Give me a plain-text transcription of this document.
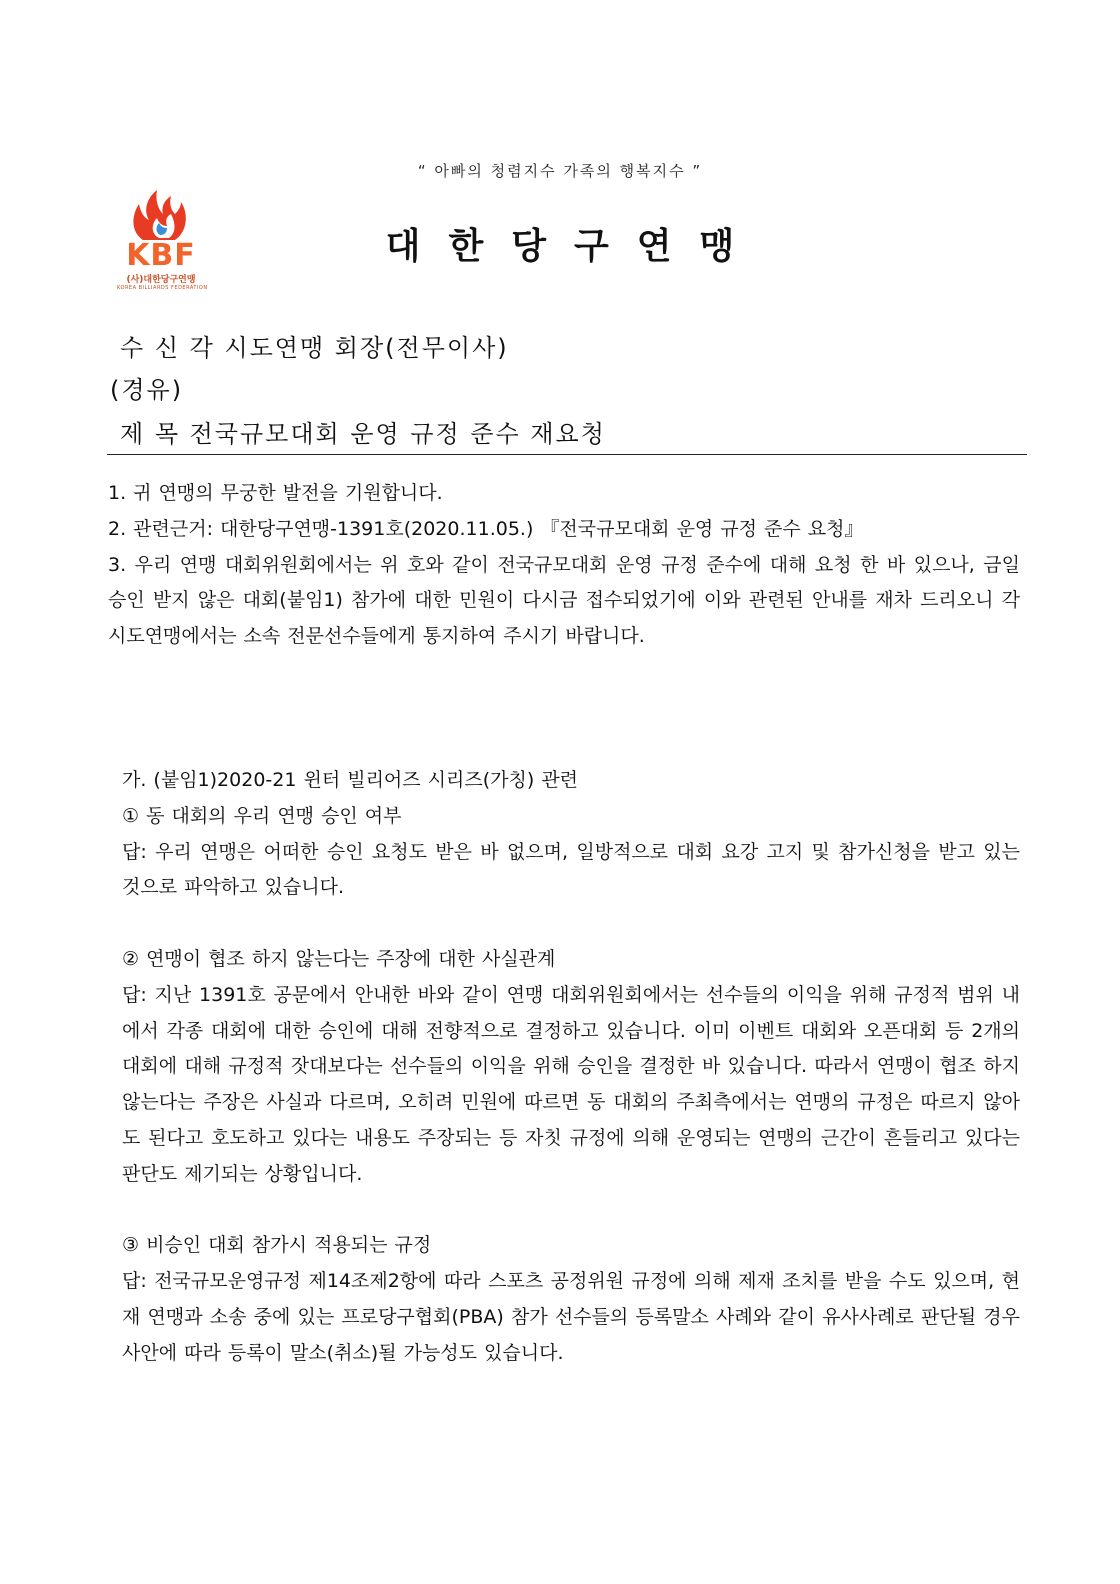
“ 아빠의 청렴지수 가족의 행복지수 ”
KBF
(사)대한당구연맹
KOREA BILLIARDS FEDERATION
대한당구연맹
수 신 각 시도연맹 회장(전무이사)
(경유)
제 목 전국규모대회 운영 규정 준수 재요청

1. 귀 연맹의 무궁한 발전을 기원합니다.

2. 관련근거: 대한당구연맹-1391호(2020.11.05.) 『전국규모대회 운영 규정 준수 요청』

3. 우리 연맹 대회위원회에서는 위 호와 같이 전국규모대회 운영 규정 준수에 대해 요청 한 바 있으나, 금일 승인 받지 않은 대회(붙임1) 참가에 대한 민원이 다시금 접수되었기에 이와 관련된 안내를 재차 드리오니 각 시도연맹에서는 소속 전문선수들에게 통지하여 주시기 바랍니다.

가. (붙임1)2020-21 윈터 빌리어즈 시리즈(가칭) 관련

① 동 대회의 우리 연맹 승인 여부

답: 우리 연맹은 어떠한 승인 요청도 받은 바 없으며, 일방적으로 대회 요강 고지 및 참가신청을 받고 있는 것으로 파악하고 있습니다.

② 연맹이 협조 하지 않는다는 주장에 대한 사실관계

답: 지난 1391호 공문에서 안내한 바와 같이 연맹 대회위원회에서는 선수들의 이익을 위해 규정적 범위 내에서 각종 대회에 대한 승인에 대해 전향적으로 결정하고 있습니다. 이미 이벤트 대회와 오픈대회 등 2개의 대회에 대해 규정적 잣대보다는 선수들의 이익을 위해 승인을 결정한 바 있습니다. 따라서 연맹이 협조 하지 않는다는 주장은 사실과 다르며, 오히려 민원에 따르면 동 대회의 주최측에서는 연맹의 규정은 따르지 않아도 된다고 호도하고 있다는 내용도 주장되는 등 자칫 규정에 의해 운영되는 연맹의 근간이 흔들리고 있다는 판단도 제기되는 상황입니다.

③ 비승인 대회 참가시 적용되는 규정

답: 전국규모운영규정 제14조제2항에 따라 스포츠 공정위원 규정에 의해 제재 조치를 받을 수도 있으며, 현재 연맹과 소송 중에 있는 프로당구협회(PBA) 참가 선수들의 등록말소 사례와 같이 유사사례로 판단될 경우 사안에 따라 등록이 말소(취소)될 가능성도 있습니다.
